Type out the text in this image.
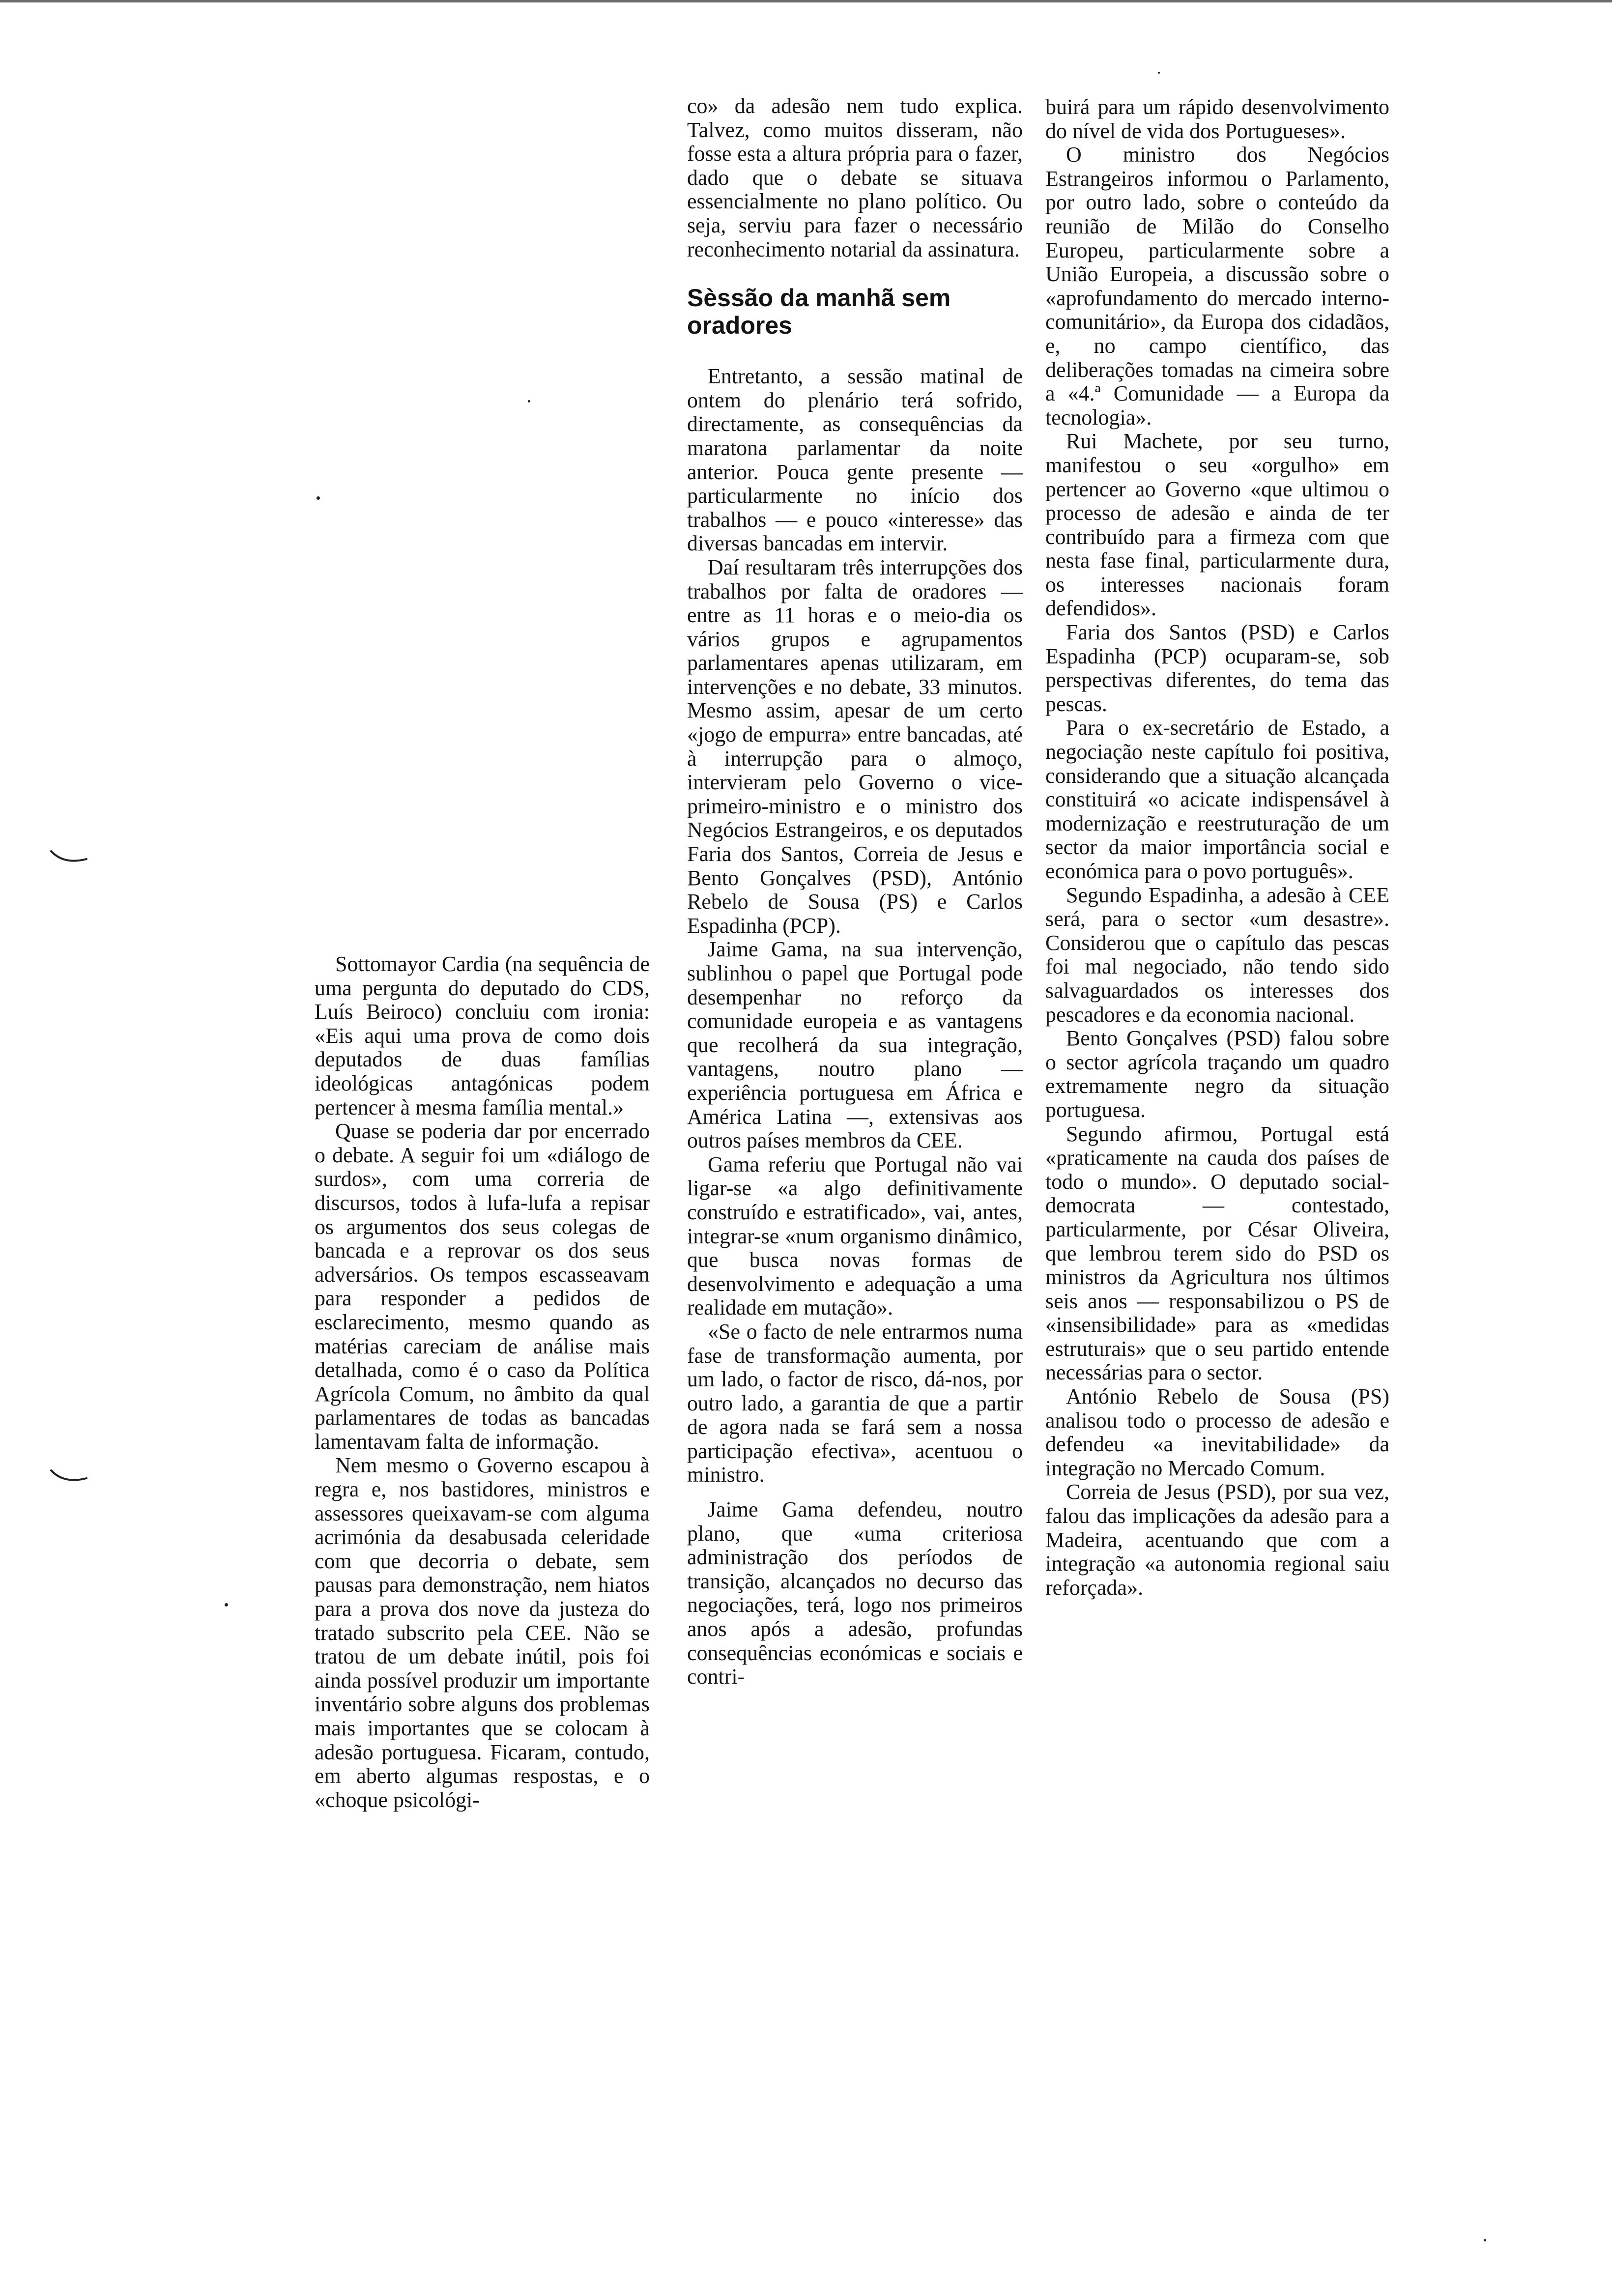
Sottomayor Cardia (na sequência de uma pergunta do deputado do CDS, Luís Beiroco) concluiu com ironia: «Eis aqui uma prova de como dois deputados de duas famílias ideológicas antagónicas podem pertencer à mesma família mental.»

Quase se poderia dar por encerrado o debate. A seguir foi um «diálogo de surdos», com uma correria de discursos, todos à lufa-lufa a repisar os argumentos dos seus colegas de bancada e a reprovar os dos seus adversários. Os tempos escasseavam para responder a pedidos de esclarecimento, mesmo quando as matérias careciam de análise mais detalhada, como é o caso da Política Agrícola Comum, no âmbito da qual parlamentares de todas as bancadas lamentavam falta de informação.

Nem mesmo o Governo escapou à regra e, nos bastidores, ministros e assessores queixavam-se com alguma acrimónia da desabusada celeridade com que decorria o debate, sem pausas para demonstração, nem hiatos para a prova dos nove da justeza do tratado subscrito pela CEE. Não se tratou de um debate inútil, pois foi ainda possível produzir um importante inventário sobre alguns dos problemas mais importantes que se colocam à adesão portuguesa. Ficaram, contudo, em aberto algumas respostas, e o «choque psicológi-

co» da adesão nem tudo explica. Talvez, como muitos disseram, não fosse esta a altura própria para o fazer, dado que o debate se situava essencialmente no plano político. Ou seja, serviu para fazer o necessário reconhecimento notarial da assinatura.

Sèssão da manhã sem oradores

Entretanto, a sessão matinal de ontem do plenário terá sofrido, directamente, as consequências da maratona parlamentar da noite anterior. Pouca gente presente — particularmente no início dos trabalhos — e pouco «interesse» das diversas bancadas em intervir.

Daí resultaram três interrupções dos trabalhos por falta de oradores — entre as 11 horas e o meio-dia os vários grupos e agrupamentos parlamentares apenas utilizaram, em intervenções e no debate, 33 minutos. Mesmo assim, apesar de um certo «jogo de empurra» entre bancadas, até à interrupção para o almoço, intervieram pelo Governo o vice-primeiro-ministro e o ministro dos Negócios Estrangeiros, e os deputados Faria dos Santos, Correia de Jesus e Bento Gonçalves (PSD), António Rebelo de Sousa (PS) e Carlos Espadinha (PCP).

Jaime Gama, na sua intervenção, sublinhou o papel que Portugal pode desempenhar no reforço da comunidade europeia e as vantagens que recolherá da sua integração, vantagens, noutro plano — experiência portuguesa em África e América Latina —, extensivas aos outros países membros da CEE.

Gama referiu que Portugal não vai ligar-se «a algo definitivamente construído e estratificado», vai, antes, integrar-se «num organismo dinâmico, que busca novas formas de desenvolvimento e adequação a uma realidade em mutação».

«Se o facto de nele entrarmos numa fase de transformação aumenta, por um lado, o factor de risco, dá-nos, por outro lado, a garantia de que a partir de agora nada se fará sem a nossa participação efectiva», acentuou o ministro.

Jaime Gama defendeu, noutro plano, que «uma criteriosa administração dos períodos de transição, alcançados no decurso das negociações, terá, logo nos primeiros anos após a adesão, profundas consequências económicas e sociais e contri-

buirá para um rápido desenvolvimento do nível de vida dos Portugueses».

O ministro dos Negócios Estrangeiros informou o Parlamento, por outro lado, sobre o conteúdo da reunião de Milão do Conselho Europeu, particularmente sobre a União Europeia, a discussão sobre o «aprofundamento do mercado interno-comunitário», da Europa dos cidadãos, e, no campo científico, das deliberações tomadas na cimeira sobre a «4.ª Comunidade — a Europa da tecnologia».

Rui Machete, por seu turno, manifestou o seu «orgulho» em pertencer ao Governo «que ultimou o processo de adesão e ainda de ter contribuído para a firmeza com que nesta fase final, particularmente dura, os interesses nacionais foram defendidos».

Faria dos Santos (PSD) e Carlos Espadinha (PCP) ocuparam-se, sob perspectivas diferentes, do tema das pescas.

Para o ex-secretário de Estado, a negociação neste capítulo foi positiva, considerando que a situação alcançada constituirá «o acicate indispensável à modernização e reestruturação de um sector da maior importância social e económica para o povo português».

Segundo Espadinha, a adesão à CEE será, para o sector «um desastre». Considerou que o capítulo das pescas foi mal negociado, não tendo sido salvaguardados os interesses dos pescadores e da economia nacional.

Bento Gonçalves (PSD) falou sobre o sector agrícola traçando um quadro extremamente negro da situação portuguesa.

Segundo afirmou, Portugal está «praticamente na cauda dos países de todo o mundo». O deputado social-democrata — contestado, particularmente, por César Oliveira, que lembrou terem sido do PSD os ministros da Agricultura nos últimos seis anos — responsabilizou o PS de «insensibilidade» para as «medidas estruturais» que o seu partido entende necessárias para o sector.

António Rebelo de Sousa (PS) analisou todo o processo de adesão e defendeu «a inevitabilidade» da integração no Mercado Comum.

Correia de Jesus (PSD), por sua vez, falou das implicações da adesão para a Madeira, acentuando que com a integração «a autonomia regional saiu reforçada».
